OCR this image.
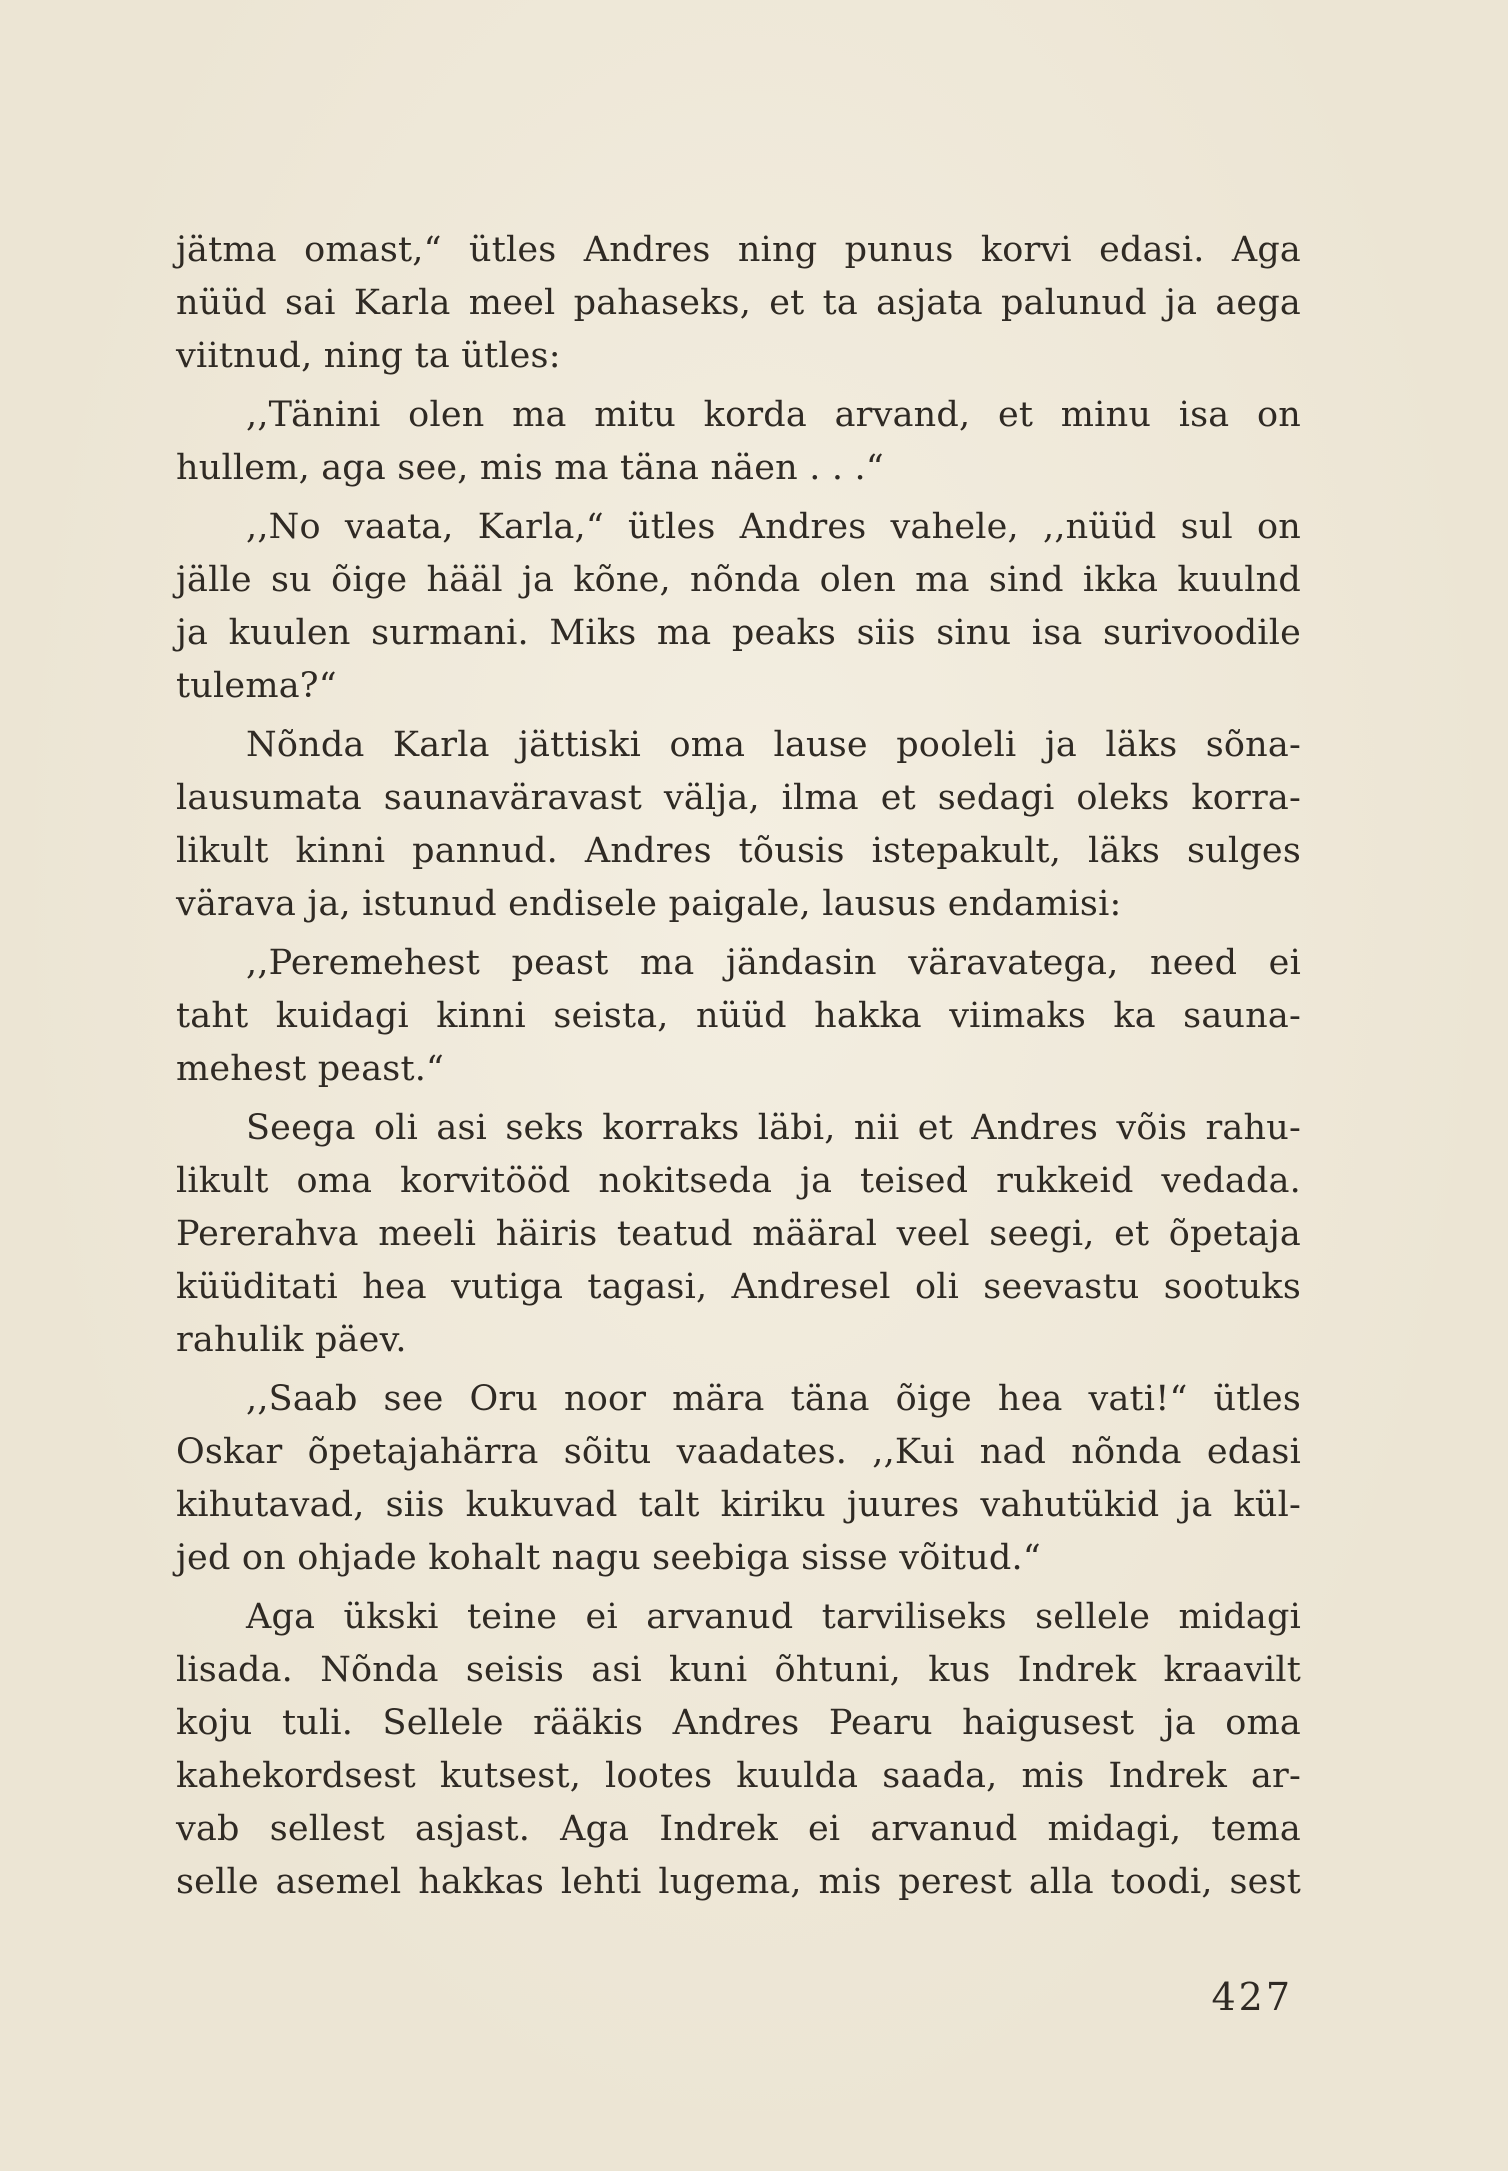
jätma omast,“ ütles Andres ning punus korvi edasi. Aga
nüüd sai Karla meel pahaseks, et ta asjata palunud ja aega
viitnud, ning ta ütles:
,,Tänini olen ma mitu korda arvand, et minu isa on
hullem, aga see, mis ma täna näen . . .“
,,No vaata, Karla,“ ütles Andres vahele, ,,nüüd sul on
jälle su õige hääl ja kõne, nõnda olen ma sind ikka kuulnd
ja kuulen surmani. Miks ma peaks siis sinu isa surivoodile
tulema?“
Nõnda Karla jättiski oma lause pooleli ja läks sõna-
lausumata saunaväravast välja, ilma et sedagi oleks korra-
likult kinni pannud. Andres tõusis istepakult, läks sulges
värava ja, istunud endisele paigale, lausus endamisi:
,,Peremehest peast ma jändasin väravatega, need ei
taht kuidagi kinni seista, nüüd hakka viimaks ka sauna-
mehest peast.“
Seega oli asi seks korraks läbi, nii et Andres võis rahu-
likult oma korvitööd nokitseda ja teised rukkeid vedada.
Pererahva meeli häiris teatud määral veel seegi, et õpetaja
küüditati hea vutiga tagasi, Andresel oli seevastu sootuks
rahulik päev.
,,Saab see Oru noor mära täna õige hea vati!“ ütles
Oskar õpetajahärra sõitu vaadates. ,,Kui nad nõnda edasi
kihutavad, siis kukuvad talt kiriku juures vahutükid ja kül-
jed on ohjade kohalt nagu seebiga sisse võitud.“
Aga ükski teine ei arvanud tarviliseks sellele midagi
lisada. Nõnda seisis asi kuni õhtuni, kus Indrek kraavilt
koju tuli. Sellele rääkis Andres Pearu haigusest ja oma
kahekordsest kutsest, lootes kuulda saada, mis Indrek ar-
vab sellest asjast. Aga Indrek ei arvanud midagi, tema
selle asemel hakkas lehti lugema, mis perest alla toodi, sest
427
